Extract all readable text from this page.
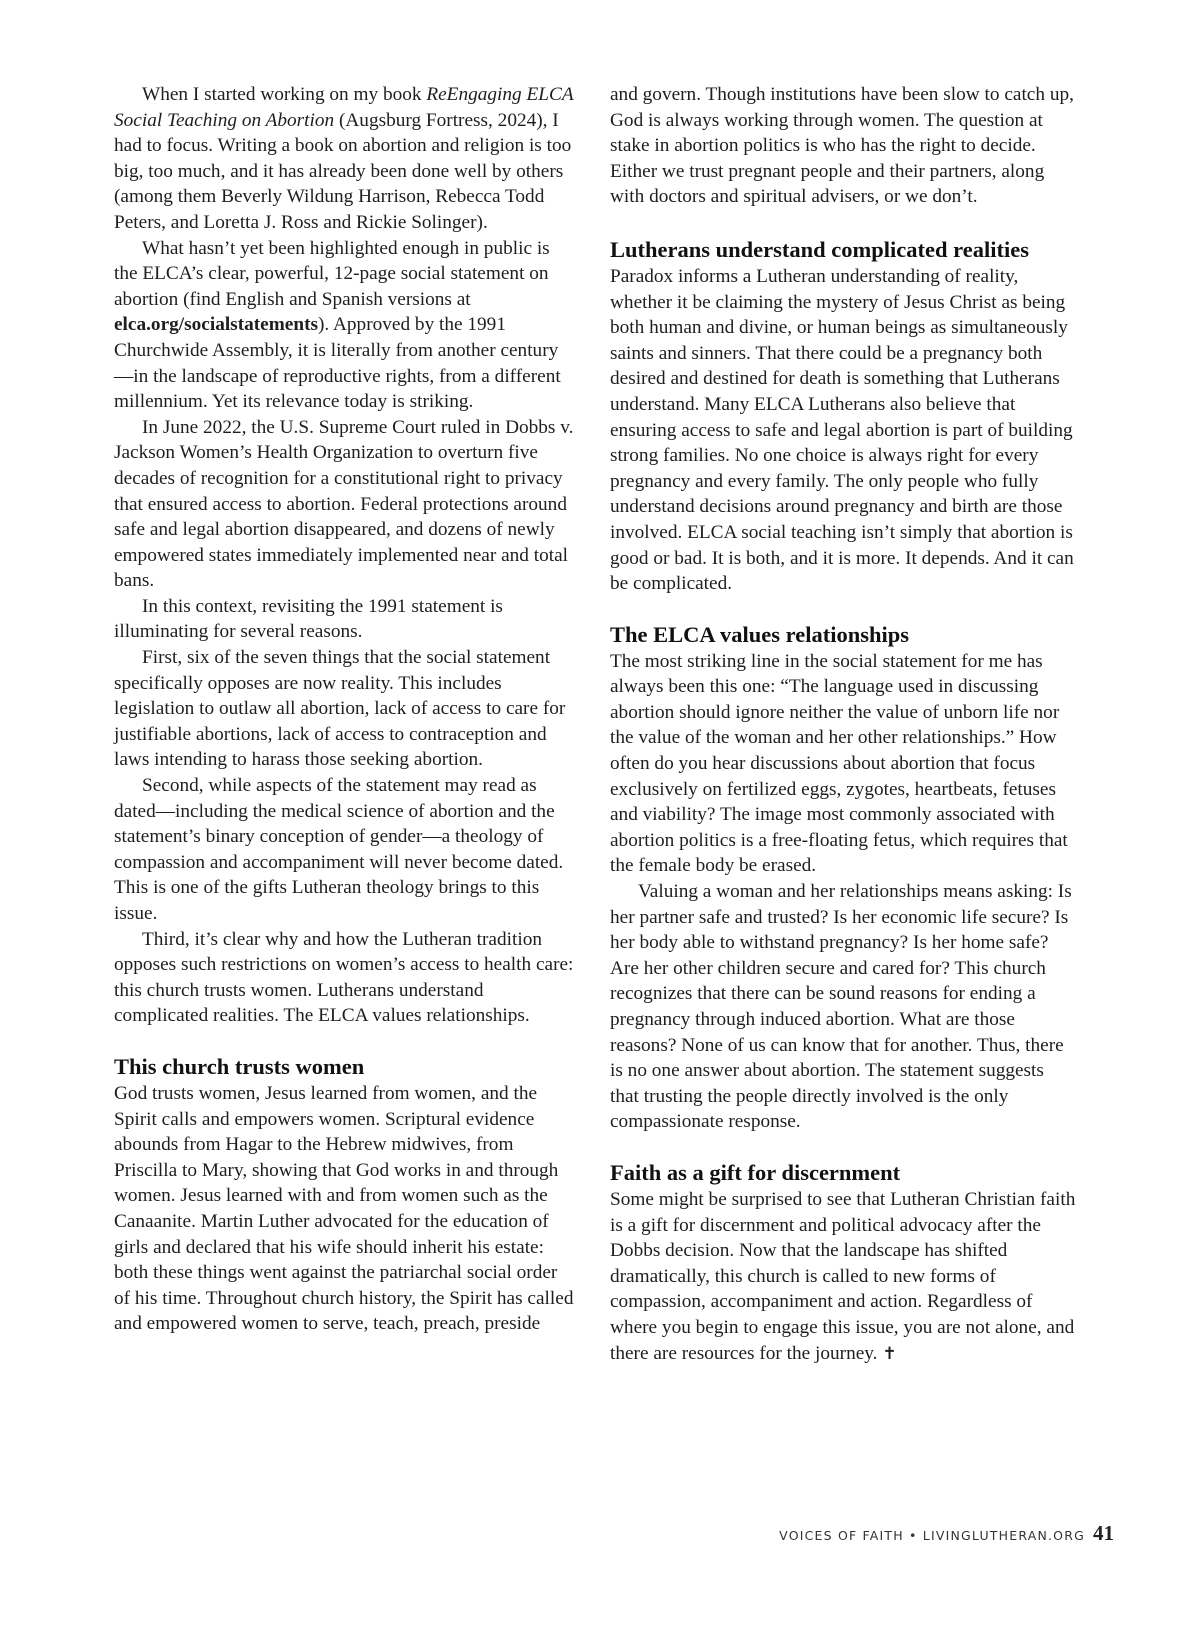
When I started working on my book ReEngaging ELCA Social Teaching on Abortion (Augsburg Fortress, 2024), I had to focus. Writing a book on abortion and religion is too big, too much, and it has already been done well by others (among them Beverly Wildung Harrison, Rebecca Todd Peters, and Loretta J. Ross and Rickie Solinger).

What hasn’t yet been highlighted enough in public is the ELCA’s clear, powerful, 12-page social statement on abortion (find English and Spanish versions at elca.org/socialstatements). Approved by the 1991 Churchwide Assembly, it is literally from another century—in the landscape of reproductive rights, from a different millennium. Yet its relevance today is striking.

In June 2022, the U.S. Supreme Court ruled in Dobbs v. Jackson Women’s Health Organization to overturn five decades of recognition for a constitutional right to privacy that ensured access to abortion. Federal protections around safe and legal abortion disappeared, and dozens of newly empowered states immediately implemented near and total bans.

In this context, revisiting the 1991 statement is illuminating for several reasons.

First, six of the seven things that the social statement specifically opposes are now reality. This includes legislation to outlaw all abortion, lack of access to care for justifiable abortions, lack of access to contraception and laws intending to harass those seeking abortion.

Second, while aspects of the statement may read as dated—including the medical science of abortion and the statement’s binary conception of gender—a theology of compassion and accompaniment will never become dated. This is one of the gifts Lutheran theology brings to this issue.

Third, it’s clear why and how the Lutheran tradition opposes such restrictions on women’s access to health care: this church trusts women. Lutherans understand complicated realities. The ELCA values relationships.

This church trusts women

God trusts women, Jesus learned from women, and the Spirit calls and empowers women. Scriptural evidence abounds from Hagar to the Hebrew midwives, from Priscilla to Mary, showing that God works in and through women. Jesus learned with and from women such as the Canaanite. Martin Luther advocated for the education of girls and declared that his wife should inherit his estate: both these things went against the patriarchal social order of his time. Throughout church history, the Spirit has called and empowered women to serve, teach, preach, preside

and govern. Though institutions have been slow to catch up, God is always working through women. The question at stake in abortion politics is who has the right to decide. Either we trust pregnant people and their partners, along with doctors and spiritual advisers, or we don’t.

Lutherans understand complicated realities

Paradox informs a Lutheran understanding of reality, whether it be claiming the mystery of Jesus Christ as being both human and divine, or human beings as simultaneously saints and sinners. That there could be a pregnancy both desired and destined for death is something that Lutherans understand. Many ELCA Lutherans also believe that ensuring access to safe and legal abortion is part of building strong families. No one choice is always right for every pregnancy and every family. The only people who fully understand decisions around pregnancy and birth are those involved. ELCA social teaching isn’t simply that abortion is good or bad. It is both, and it is more. It depends. And it can be complicated.

The ELCA values relationships

The most striking line in the social statement for me has always been this one: “The language used in discussing abortion should ignore neither the value of unborn life nor the value of the woman and her other relationships.” How often do you hear discussions about abortion that focus exclusively on fertilized eggs, zygotes, heartbeats, fetuses and viability? The image most commonly associated with abortion politics is a free-floating fetus, which requires that the female body be erased.

Valuing a woman and her relationships means asking: Is her partner safe and trusted? Is her economic life secure? Is her body able to withstand pregnancy? Is her home safe? Are her other children secure and cared for? This church recognizes that there can be sound reasons for ending a pregnancy through induced abortion. What are those reasons? None of us can know that for another. Thus, there is no one answer about abortion. The statement suggests that trusting the people directly involved is the only compassionate response.

Faith as a gift for discernment

Some might be surprised to see that Lutheran Christian faith is a gift for discernment and political advocacy after the Dobbs decision. Now that the landscape has shifted dramatically, this church is called to new forms of compassion, accompaniment and action. Regardless of where you begin to engage this issue, you are not alone, and there are resources for the journey. ✝

VOICES OF FAITH • LIVINGLUTHERAN.ORG 41
